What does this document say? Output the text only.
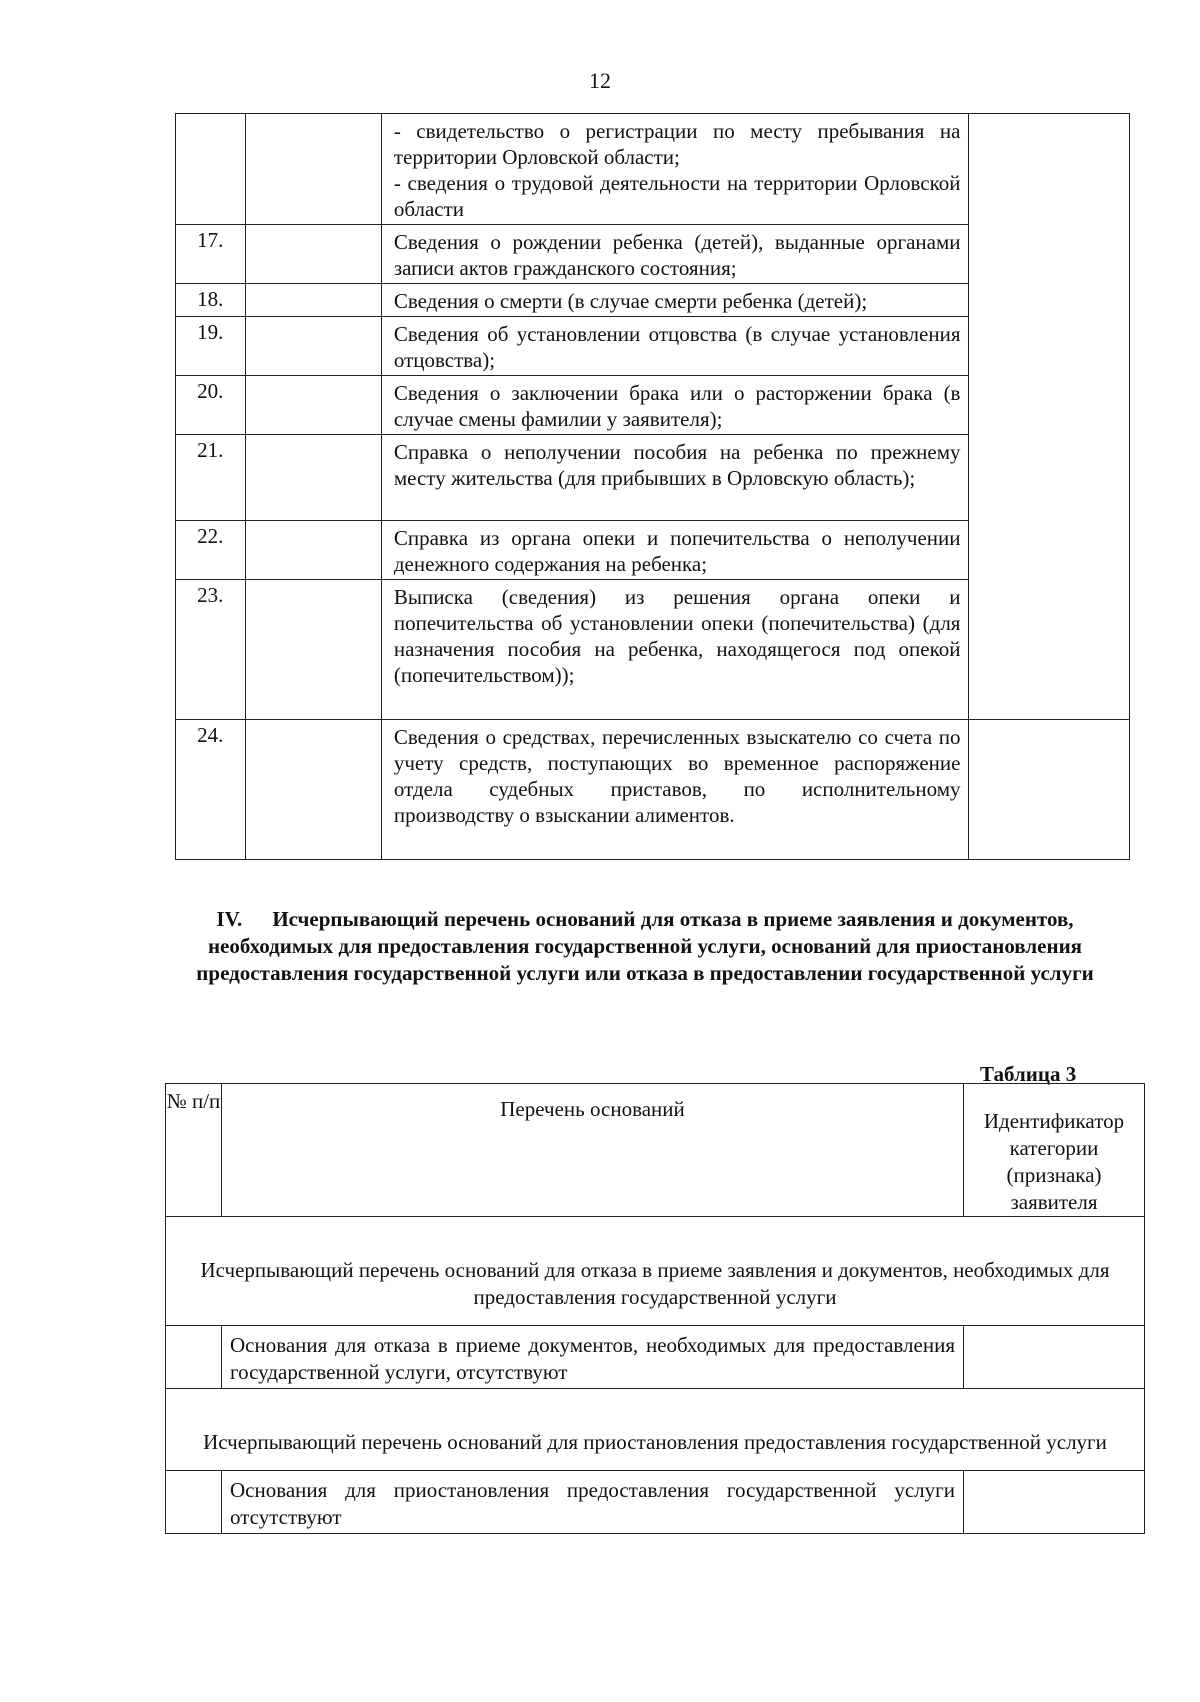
12

		- свидетельство о регистрации по месту пребывания на территории Орловской области;
- сведения о трудовой деятельности на территории Орловской области	

17.		Сведения о рождении ребенка (детей), выданные органами записи актов гражданского состояния;	
18.		Сведения о смерти (в случае смерти ребенка (детей);	
19.		Сведения об установлении отцовства (в случае установления отцовства);	
20.		Сведения о заключении брака или о расторжении брака (в случае смены фамилии у заявителя);	
21.		Справка о неполучении пособия на ребенка по прежнему месту жительства (для прибывших в Орловскую область);	
22.		Справка из органа опеки и попечительства о неполучении денежного содержания на ребенка;	
23.		Выписка (сведения) из решения органа опеки и попечительства об установлении опеки (попечительства) (для назначения пособия на ребенка, находящегося под опекой (попечительством));	
24.		Сведения о средствах, перечисленных взыскателю со счета по учету средств, поступающих во временное распоряжение отдела судебных приставов, по исполнительному производству о взыскании алиментов.	
IV. Исчерпывающий перечень оснований для отказа в приеме заявления и документов, необходимых для предоставления государственной услуги, оснований для приостановления предоставления государственной услуги или отказа в предоставлении государственной услуги
Таблица 3
№ п/п	Перечень оснований	Идентификатор категории (признака) заявителя
Исчерпывающий перечень оснований для отказа в приеме заявления и документов, необходимых для предоставления государственной услуги		
	Основания для отказа в приеме документов, необходимых для предоставления государственной услуги, отсутствуют	
Исчерпывающий перечень оснований для приостановления предоставления государственной услуги		
	Основания для приостановления предоставления государственной услуги отсутствуют	
